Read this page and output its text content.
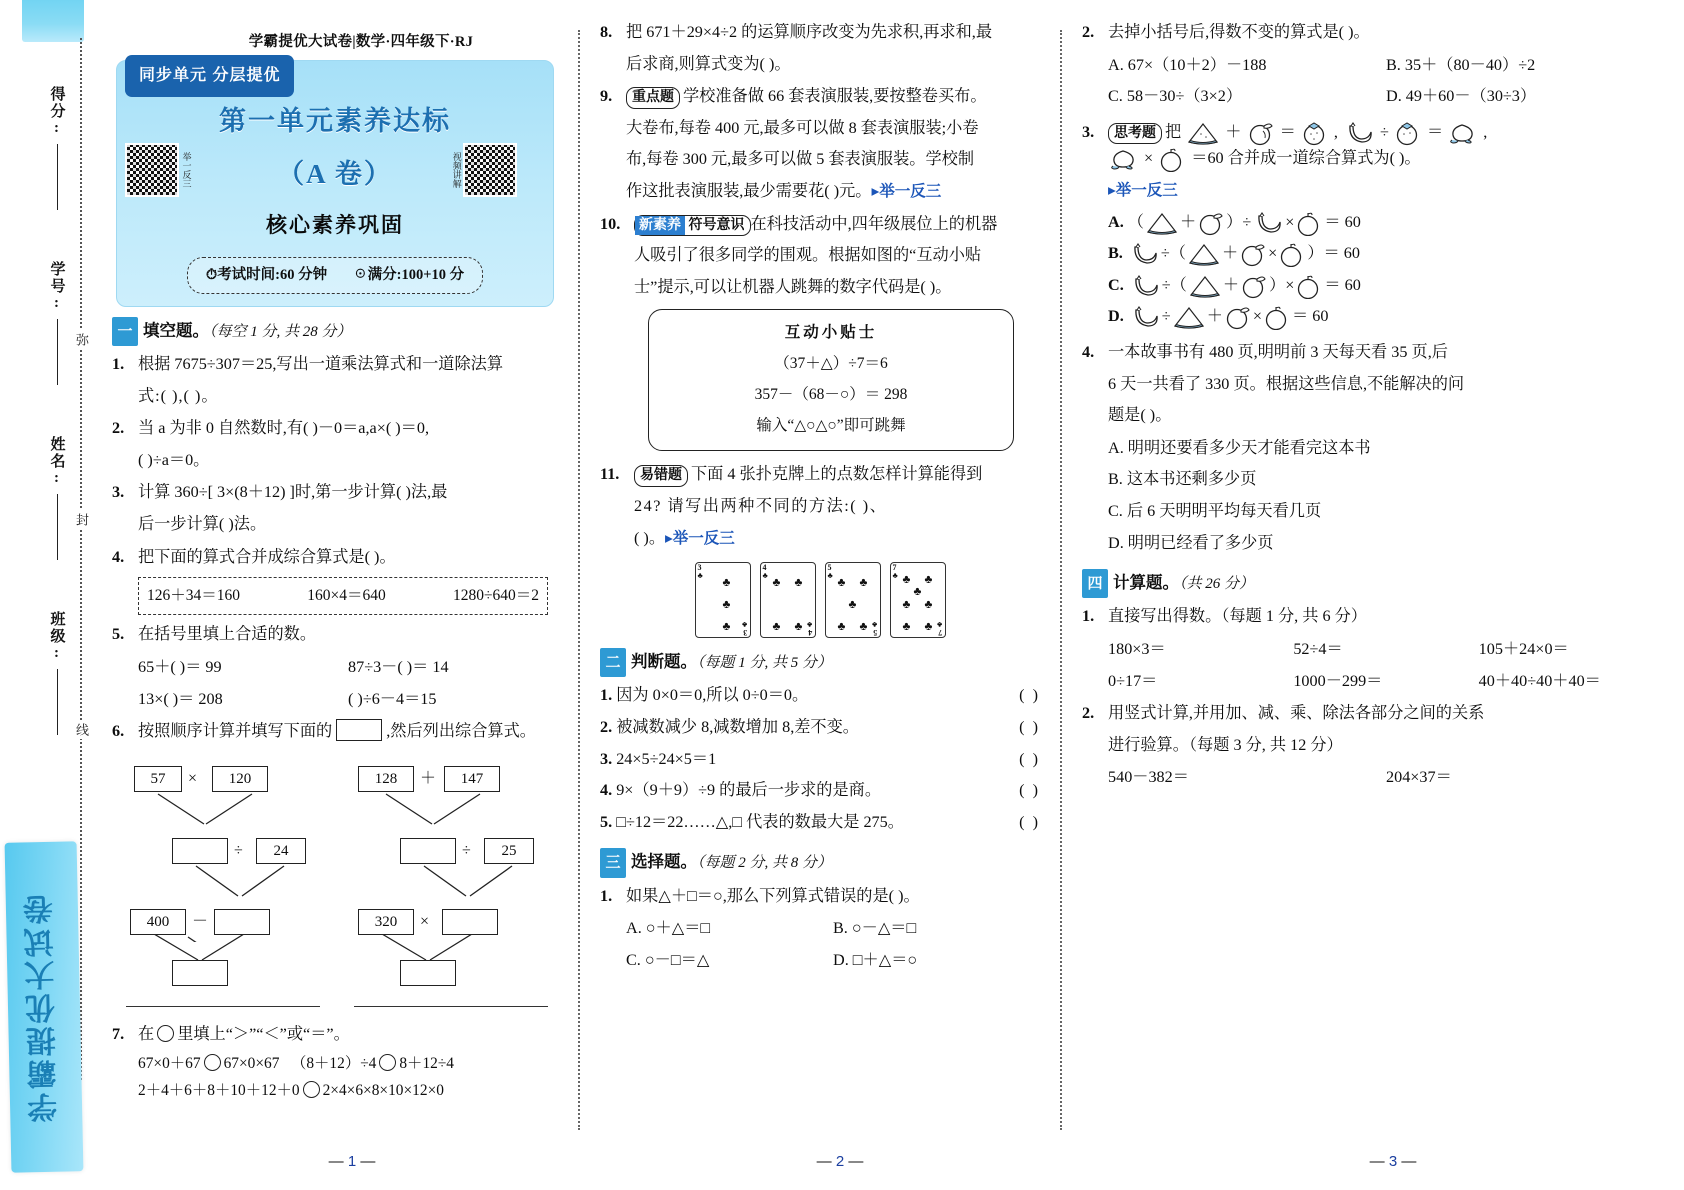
弥
封
线
得分:
学号:
姓名:
班级:
学霸提优大试卷
学霸提优大试卷|数学·四年级下·RJ
同步单元 分层提优
举一反三
第一单元素养达标（A 卷）
核心素养巩固
视频讲解
⏱考试时间:60 分钟 ☉满分:100+10 分
一 填空题。（每空 1 分, 共 28 分）
1. 根据 7675÷307＝25,写出一道乘法算式和一道除法算
式:( ),( )。
2. 当 a 为非 0 自然数时,有( )－0＝a,a×( )＝0,
( )÷a＝0。
3. 计算 360÷[ 3×(8＋12) ]时,第一步计算( )法,最
后一步计算( )法。
4. 把下面的算式合并成综合算式是( )。
126＋34＝160	160×4＝640	1280÷640＝2
5. 在括号里填上合适的数。
65＋( )＝ 99	87÷3－( )＝ 14
13×( )＝ 208	( )÷6－4＝15
6. 按照顺序计算并填写下面的	,然后列出综合算式。
57	×	120
÷	24
400	－
128	＋	147
÷	25
320	×
7. 在 里填上“＞”“＜”或“＝”。
67×0＋67 67×0×67 （8＋12）÷4 8＋12÷4
2＋4＋6＋8＋10＋12＋0 2×4×6×8×10×12×0
— 1 —
8. 把 671＋29×4÷2 的运算顺序改变为先求积,再求和,最
后求商,则算式变为( )。
9.	重点题 学校准备做 66 套表演服装,要按整卷买布。
大卷布,每卷 400 元,最多可以做 8 套表演服装;小卷
布,每卷 300 元,最多可以做 5 套表演服装。学校制
作这批表演服装,最少需要花( )元。▸举一反三
10.	新素养 符号意识 在科技活动中,四年级展位上的机器
人吸引了很多同学的围观。根据如图的“互动小贴
士”提示,可以让机器人跳舞的数字代码是( )。
互动小贴士
（37＋△）÷7＝6
357－（68－○）＝ 298
输入“△○△○”即可跳舞
11.	易错题 下面 4 张扑克牌上的点数怎样计算能得到
24? 请写出两种不同的方法:( )、
( )。▸举一反三
3
♣ ♣
♣
♣ 3
♣
4
♣ ♣ ♣
♣ ♣ 4
♣
5
♣ ♣ ♣
♣
♣ ♣ 5
♣
7
♣ ♣ ♣
♣
♣ ♣
♣ ♣ 7
♣
二 判断题。（每题 1 分, 共 5 分）
1. 因为 0×0＝0,所以 0÷0＝0。	( )
2. 被减数减少 8,减数增加 8,差不变。	( )
3. 24×5÷24×5＝1	( )
4. 9×（9＋9）÷9 的最后一步求的是商。	( )
5. □÷12＝22……△,□ 代表的数最大是 275。	( )
三 选择题。（每题 2 分, 共 8 分）
1. 如果△＋□＝○,那么下列算式错误的是( )。
A. ○＋△＝□	B. ○－△＝□
C. ○－□＝△	D. □＋△＝○
— 2 —
2. 去掉小括号后,得数不变的算式是( )。
A. 67×（10＋2）－188	B. 35＋（80－40）÷2
C. 58－30÷（3×2）	D. 49＋60－（30÷3）
3.	思考题 把	＋ ＝ ,	÷ ＝ ,
× ＝60 合并成一道综合算式为( )。
▸举一反三
A. （ ＋ ）÷ × ＝ 60
B. ÷（ ＋ × ）＝ 60
C. ÷（ ＋ ）× ＝ 60
D. ÷ ＋ × ＝ 60
4. 一本故事书有 480 页,明明前 3 天每天看 35 页,后
6 天一共看了 330 页。根据这些信息,不能解决的问
题是( )。
A. 明明还要看多少天才能看完这本书
B. 这本书还剩多少页
C. 后 6 天明明平均每天看几页
D. 明明已经看了多少页
四 计算题。（共 26 分）
1. 直接写出得数。（每题 1 分, 共 6 分）
180×3＝	52÷4＝	105＋24×0＝
0÷17＝	1000－299＝	40＋40÷40＋40＝
2. 用竖式计算,并用加、减、乘、除法各部分之间的关系
进行验算。（每题 3 分, 共 12 分）
540－382＝	204×37＝
— 3 —
